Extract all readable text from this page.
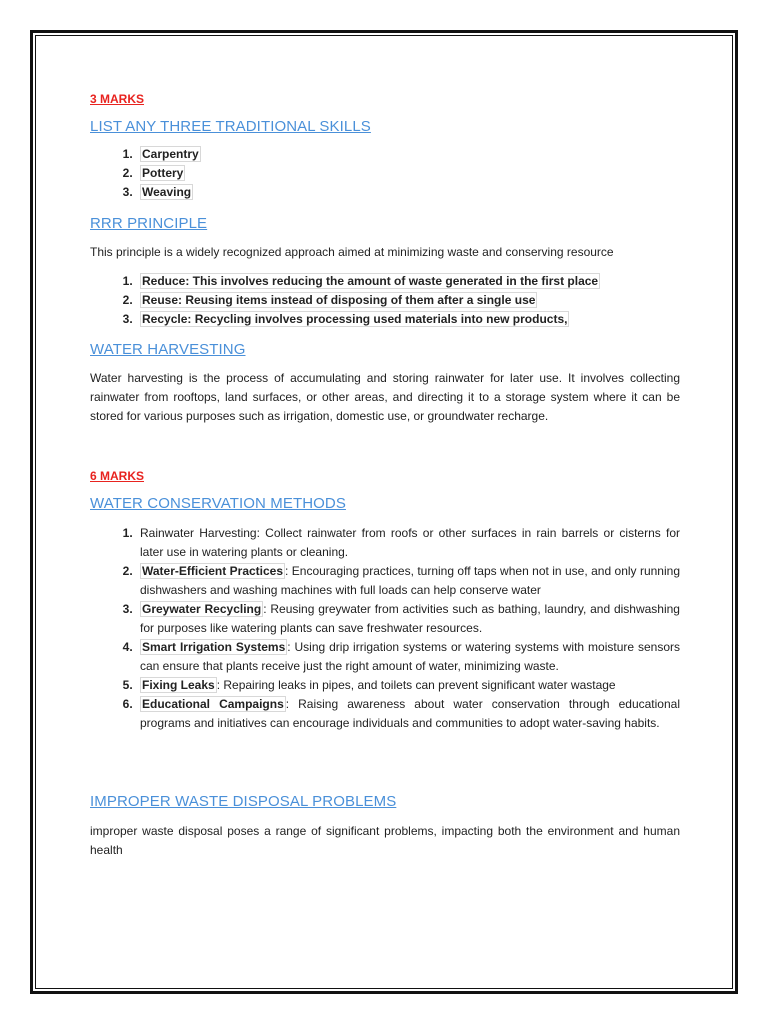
3 MARKS

LIST ANY THREE TRADITIONAL SKILLS
1. Carpentry
2. Pottery
3. Weaving
RRR PRINCIPLE

This principle is a widely recognized approach aimed at minimizing waste and conserving resource

1. Reduce: This involves reducing the amount of waste generated in the first place
2. Reuse: Reusing items instead of disposing of them after a single use
3. Recycle: Recycling involves processing used materials into new products,
WATER HARVESTING

Water harvesting is the process of accumulating and storing rainwater for later use. It involves collecting rainwater from rooftops, land surfaces, or other areas, and directing it to a storage system where it can be stored for various purposes such as irrigation, domestic use, or groundwater recharge.

6 MARKS

WATER CONSERVATION METHODS
1. Rainwater Harvesting: Collect rainwater from roofs or other surfaces in rain barrels or cisterns for later use in watering plants or cleaning.
2. Water-Efficient Practices : Encouraging practices, turning off taps when not in use, and only running dishwashers and washing machines with full loads can help conserve water
3. Greywater Recycling : Reusing greywater from activities such as bathing, laundry, and dishwashing for purposes like watering plants can save freshwater resources.
4. Smart Irrigation Systems : Using drip irrigation systems or watering systems with moisture sensors can ensure that plants receive just the right amount of water, minimizing waste.
5. Fixing Leaks : Repairing leaks in pipes, and toilets can prevent significant water wastage
6. Educational Campaigns : Raising awareness about water conservation through educational programs and initiatives can encourage individuals and communities to adopt water-saving habits.
IMPROPER WASTE DISPOSAL PROBLEMS

improper waste disposal poses a range of significant problems, impacting both the environment and human health
